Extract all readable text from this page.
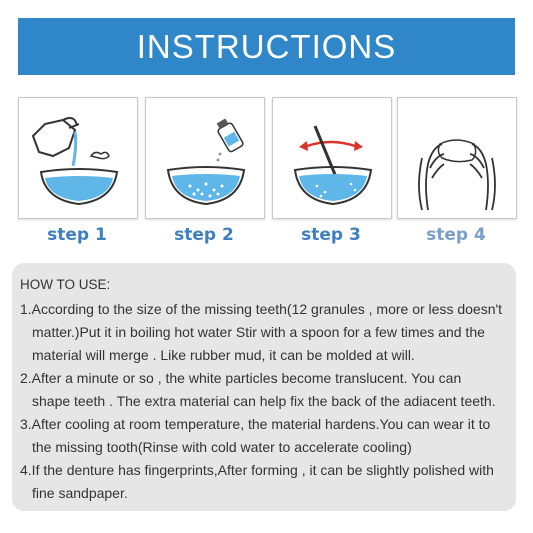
INSTRUCTIONS
step 1	step 2	step 3	step 4
HOW TO USE:
1.According to the size of the missing teeth(12 granules , more or less doesn't
matter.)Put it in boiling hot water Stir with a spoon for a few times and the
material will merge . Like rubber mud, it can be molded at will.
2.After a minute or so , the white particles become translucent. You can
shape teeth . The extra material can help fix the back of the adiacent teeth.
3.After cooling at room temperature, the material hardens.You can wear it to
the missing tooth(Rinse with cold water to accelerate cooling)
4.If the denture has fingerprints,After forming , it can be slightly polished with
fine sandpaper.
